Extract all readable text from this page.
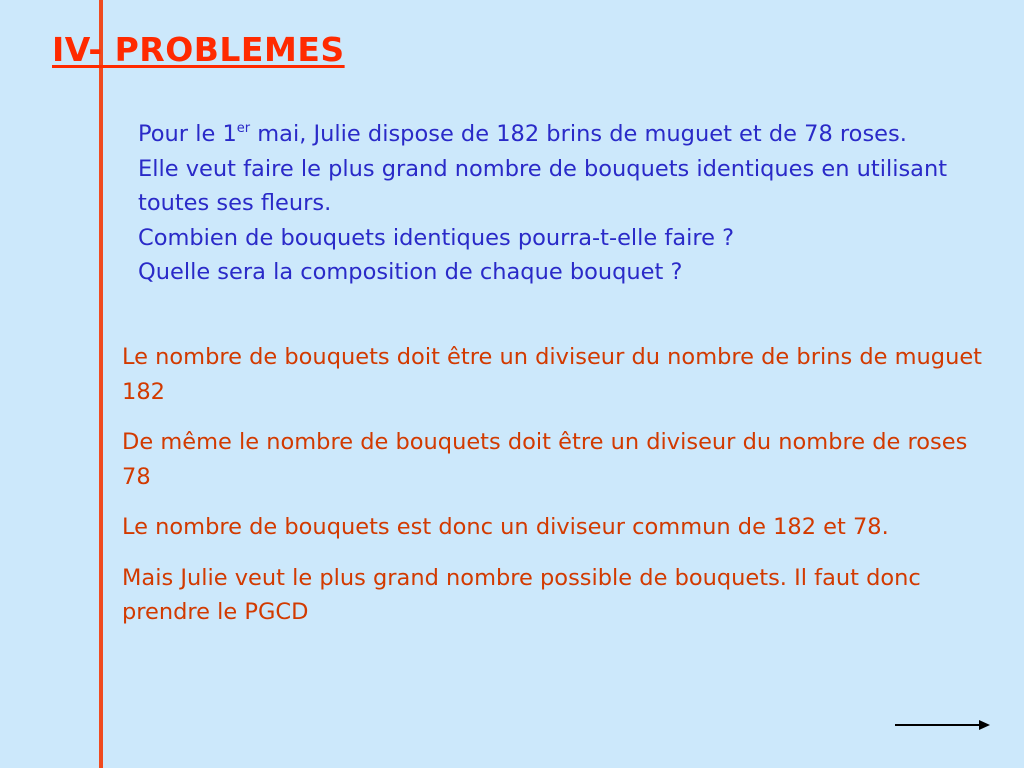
IV- PROBLEMES

Pour le 1er mai, Julie dispose de 182 brins de muguet et de 78 roses.

Elle veut faire le plus grand nombre de bouquets identiques en utilisant toutes ses fleurs.

Combien de bouquets identiques pourra-t-elle faire ?

Quelle sera la composition de chaque bouquet ?

Le nombre de bouquets doit être un diviseur du nombre de brins de muguet 182

De même le nombre de bouquets doit être un diviseur du nombre de roses 78

Le nombre de bouquets est donc un diviseur commun de 182 et 78.

Mais Julie veut le plus grand nombre possible de bouquets. Il faut donc prendre le PGCD
